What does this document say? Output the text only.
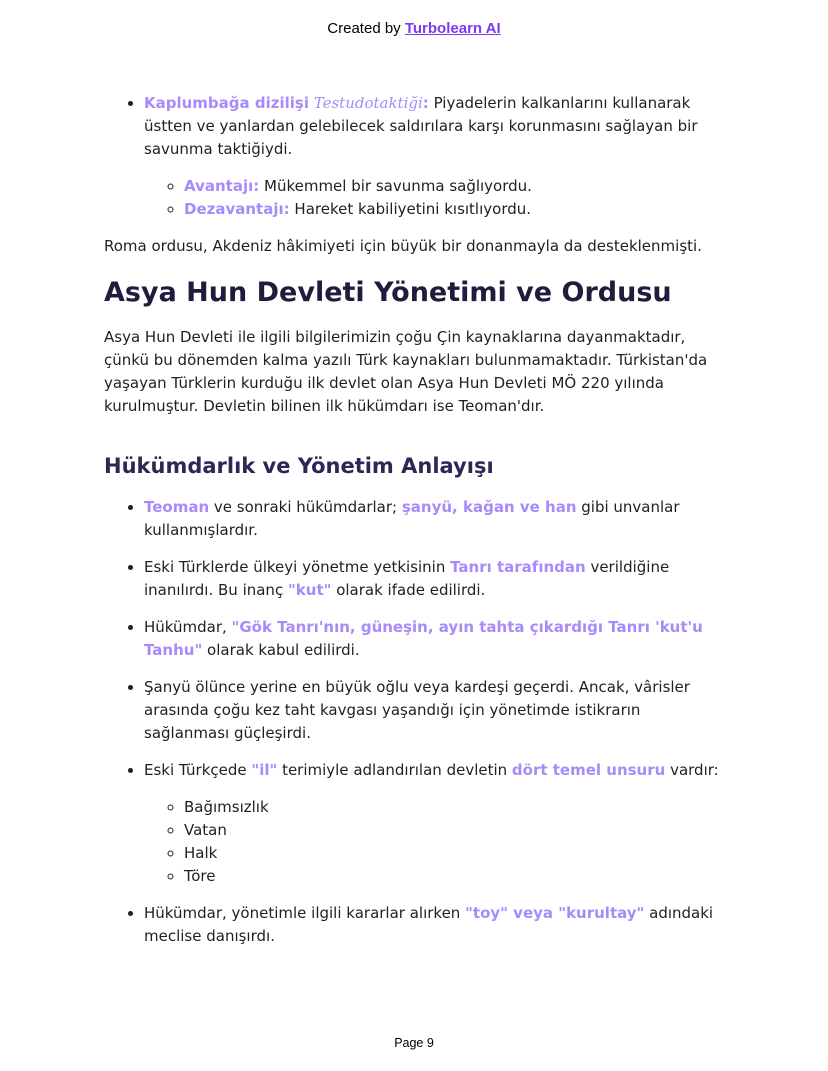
Created by Turbolearn AI
• Kaplumbağa dizilişi Testudotaktiği: Piyadelerin kalkanlarını kullanarak üstten ve yanlardan gelebilecek saldırılara karşı korunmasını sağlayan bir savunma taktiğiydi.
◦ Avantajı: Mükemmel bir savunma sağlıyordu.
◦ Dezavantajı: Hareket kabiliyetini kısıtlıyordu.

Roma ordusu, Akdeniz hâkimiyeti için büyük bir donanmayla da desteklenmişti.

Asya Hun Devleti Yönetimi ve Ordusu

Asya Hun Devleti ile ilgili bilgilerimizin çoğu Çin kaynaklarına dayanmaktadır, çünkü bu dönemden kalma yazılı Türk kaynakları bulunmamaktadır. Türkistan'da yaşayan Türklerin kurduğu ilk devlet olan Asya Hun Devleti MÖ 220 yılında kurulmuştur. Devletin bilinen ilk hükümdarı ise Teoman'dır.

Hükümdarlık ve Yönetim Anlayışı
• Teoman ve sonraki hükümdarlar; şanyü, kağan ve han gibi unvanlar kullanmışlardır.
• Eski Türklerde ülkeyi yönetme yetkisinin Tanrı tarafından verildiğine inanılırdı. Bu inanç "kut" olarak ifade edilirdi.
• Hükümdar, "Gök Tanrı'nın, güneşin, ayın tahta çıkardığı Tanrı 'kut'u Tanhu" olarak kabul edilirdi.
• Şanyü ölünce yerine en büyük oğlu veya kardeşi geçerdi. Ancak, vârisler arasında çoğu kez taht kavgası yaşandığı için yönetimde istikrarın sağlanması güçleşirdi.
• Eski Türkçede "il" terimiyle adlandırılan devletin dört temel unsuru vardır:
◦ Bağımsızlık
◦ Vatan
◦ Halk
◦ Töre
• Hükümdar, yönetimle ilgili kararlar alırken "toy" veya "kurultay" adındaki meclise danışırdı.
Page 9
